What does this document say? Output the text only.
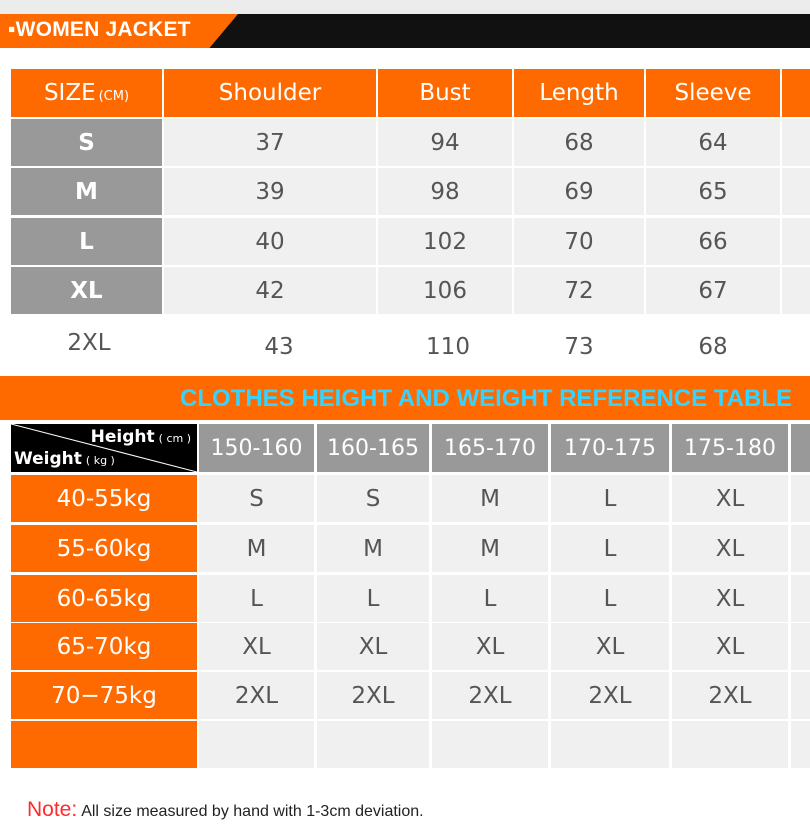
▪WOMEN JACKET
SIZE (CM)	Shoulder	Bust	Length	Sleeve
S	37	94	68	64
M	39	98	69	65
L	40	102	70	66
XL	42	106	72	67
2XL	43	110	73	68
CLOTHES HEIGHT AND WEIGHT REFERENCE TABLE
Height ( cm )
Weight ( kg )	150-160	160-165	165-170	170-175	175-180
40-55kg	S	S	M	L	XL
55-60kg	M	M	M	L	XL
60-65kg	L	L	L	L	XL
65-70kg	XL	XL	XL	XL	XL
70−75kg	2XL	2XL	2XL	2XL	2XL
Note: All size measured by hand with 1-3cm deviation.
